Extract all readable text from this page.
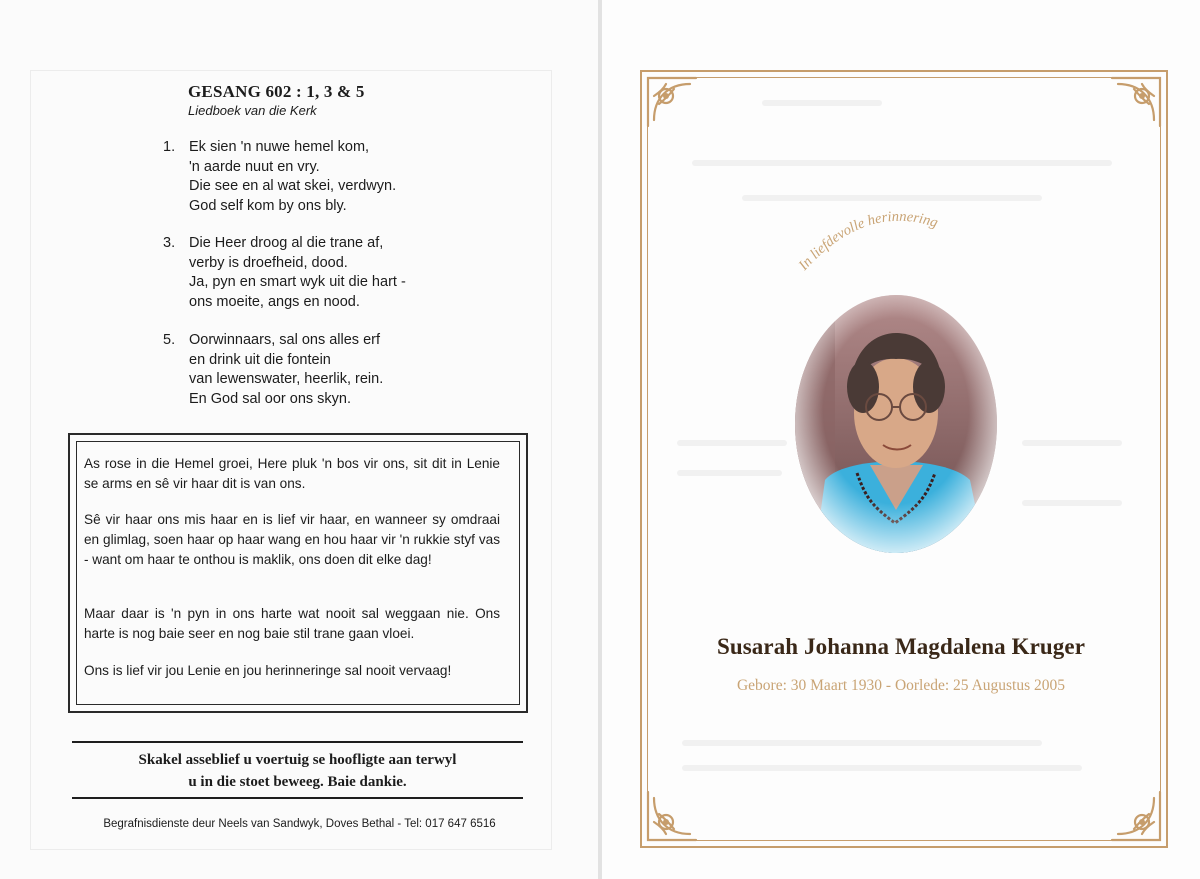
GESANG 602 : 1, 3 & 5
Liedboek van die Kerk
1. Ek sien 'n nuwe hemel kom,
'n aarde nuut en vry.
Die see en al wat skei, verdwyn.
God self kom by ons bly.
3. Die Heer droog al die trane af,
verby is droefheid, dood.
Ja, pyn en smart wyk uit die hart -
ons moeite, angs en nood.
5. Oorwinnaars, sal ons alles erf
en drink uit die fontein
van lewenswater, heerlik, rein.
En God sal oor ons skyn.
As rose in die Hemel groei, Here pluk 'n bos vir ons, sit dit in Lenie se arms en sê vir haar dit is van ons.
Sê vir haar ons mis haar en is lief vir haar, en wanneer sy omdraai en glimlag, soen haar op haar wang en hou haar vir 'n rukkie styf vas - want om haar te onthou is maklik, ons doen dit elke dag!
Maar daar is 'n pyn in ons harte wat nooit sal weggaan nie. Ons harte is nog baie seer en nog baie stil trane gaan vloei.
Ons is lief vir jou Lenie en jou herinneringe sal nooit vervaag!
Skakel asseblief u voertuig se hoofligte aan terwyl
u in die stoet beweeg. Baie dankie.
Begrafnisdienste deur Neels van Sandwyk, Doves Bethal - Tel: 017 647 6516
In liefdevolle herinnering
Susarah Johanna Magdalena Kruger
Gebore: 30 Maart 1930 - Oorlede: 25 Augustus 2005
